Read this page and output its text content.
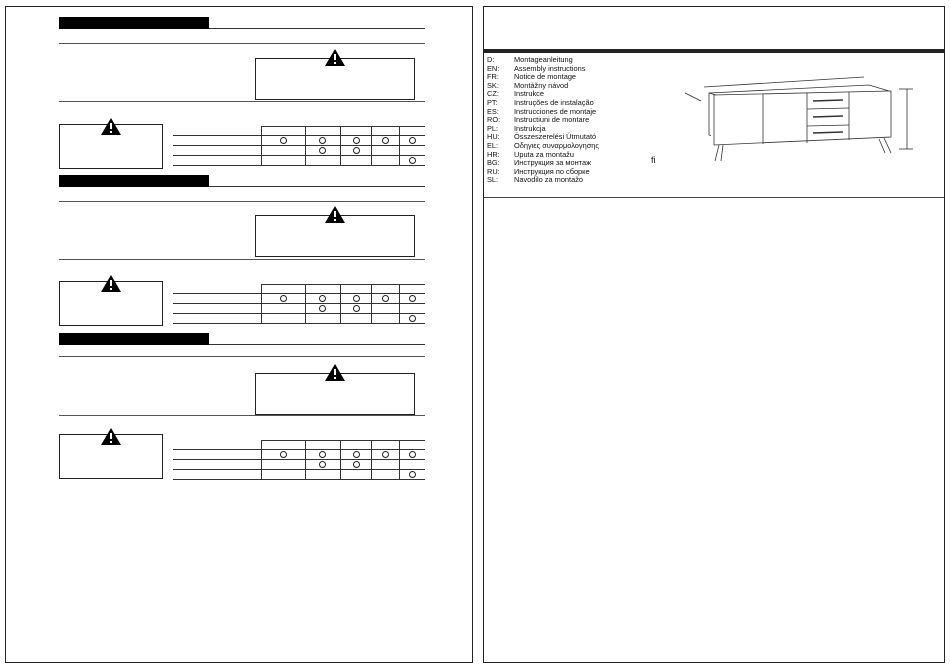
D:	Montageanleitung
EN: Assembly instructions
FR: Notice de montage
SK: Montážny návod
CZ: Instrukce
PT: Instruções de instalação
ES: Instrucciones de montaje
RO: Instructiuni de montare
PL: Instrukcja
HU: Összeszerelési Útmutató
EL: Οδηγιες συναρμολογησης
HR: Uputa za montažu
BG: Инструкция за монтаж
RU: Инструкция по сборке
SL: Navodilo za montažo
ﬁ
